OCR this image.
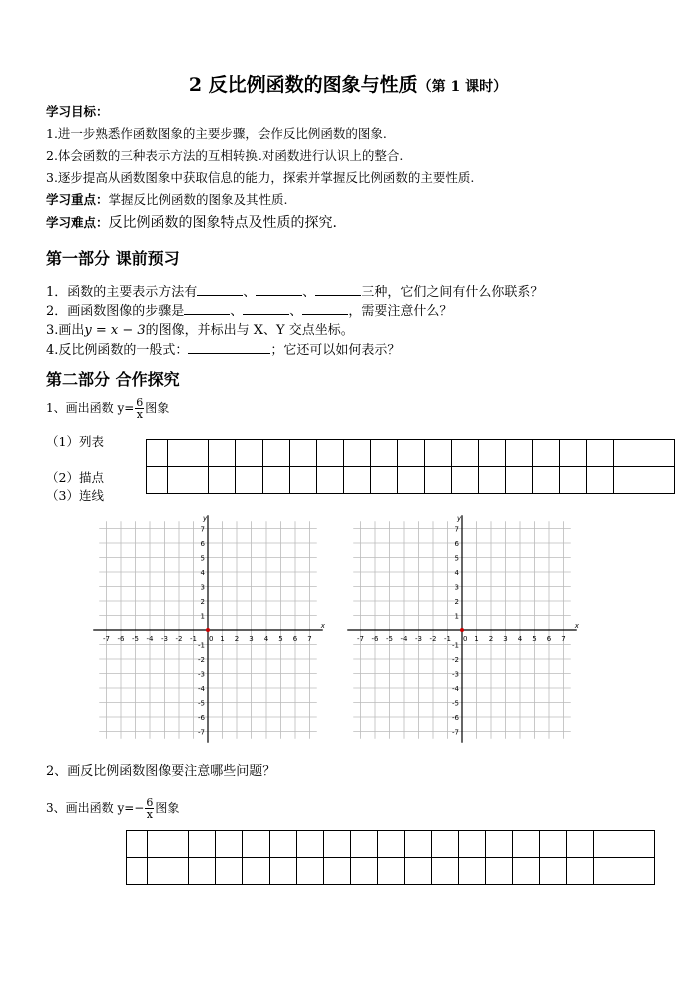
2 反比例函数的图象与性质（第 1 课时）
学习目标：
1.进一步熟悉作函数图象的主要步骤，会作反比例函数的图象.
2.体会函数的三种表示方法的互相转换.对函数进行认识上的整合.
3.逐步提高从函数图象中获取信息的能力，探索并掌握反比例函数的主要性质.
学习重点：掌握反比例函数的图象及其性质.
学习难点：反比例函数的图象特点及性质的探究.
第一部分 课前预习
1．函数的主要表示方法有	、	、	三种，它们之间有什么你联系？
2．画函数图像的步骤是	、	、	，需要注意什么？
3.画出y = x − 3的图像，并标出与 X、Y 交点坐标。
4.反比例函数的一般式：	；它还可以如何表示？
第二部分 合作探究
1、画出函数 $y= \frac{6}{x}$ 图象
（1）列表
（2）描点
（3）连线

-7
-7
-6
-6
-5
-5
-4
-4
-3
-3
-2
-2
-1
-1
1
1
2
2
3
3
4
4
5
5
6
6
7
7
0
x
y
-7
-7
-6
-6
-5
-5
-4
-4
-3
-3
-2
-2
-1
-1
1
1
2
2
3
3
4
4
5
5
6
6
7
7
0
x
y
2、画反比例函数图像要注意哪些问题？
3、画出函数 $y=- \frac{6}{x}$ 图象
